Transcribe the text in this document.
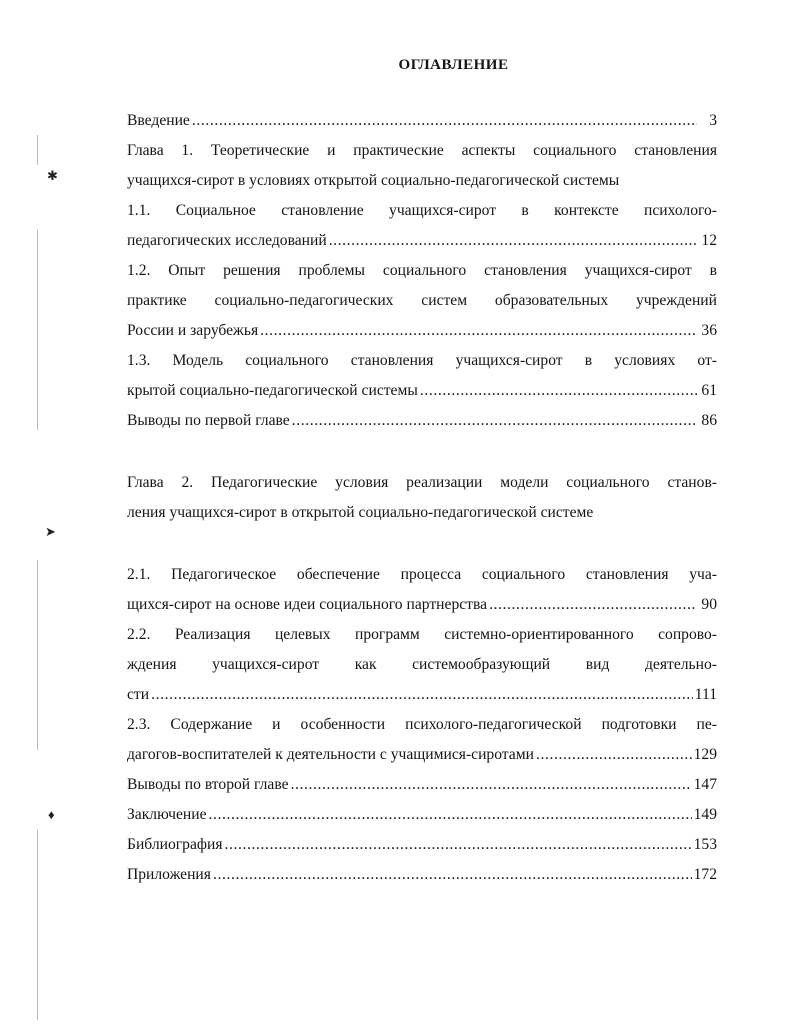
✱
➤
♦
ОГЛАВЛЕНИЕ
Введение .....	3
Глава 1. Теоретические и практические аспекты социального становления
учащихся-сирот в условиях открытой социально-педагогической системы
1.1. Социальное становление учащихся-сирот в контексте психолого-
педагогических исследований .....	12
1.2. Опыт решения проблемы социального становления учащихся-сирот в
практике социально-педагогических систем образовательных учреждений
России и зарубежья .....	36
1.3. Модель социального становления учащихся-сирот в условиях от-
крытой социально-педагогической системы .....	61
Выводы по первой главе .....	86
Глава 2. Педагогические условия реализации модели социального станов-
ления учащихся-сирот в открытой социально-педагогической системе
2.1. Педагогическое обеспечение процесса социального становления уча-
щихся-сирот на основе идеи социального партнерства .....	90
2.2. Реализация целевых программ системно-ориентированного сопрово-
ждения учащихся-сирот как системообразующий вид деятельно-
сти .....	111
2.3. Содержание и особенности психолого-педагогической подготовки пе-
дагогов-воспитателей к деятельности с учащимися-сиротами .....	129
Выводы по второй главе .....	147
Заключение .....	149
Библиография .....	153
Приложения .....	172
